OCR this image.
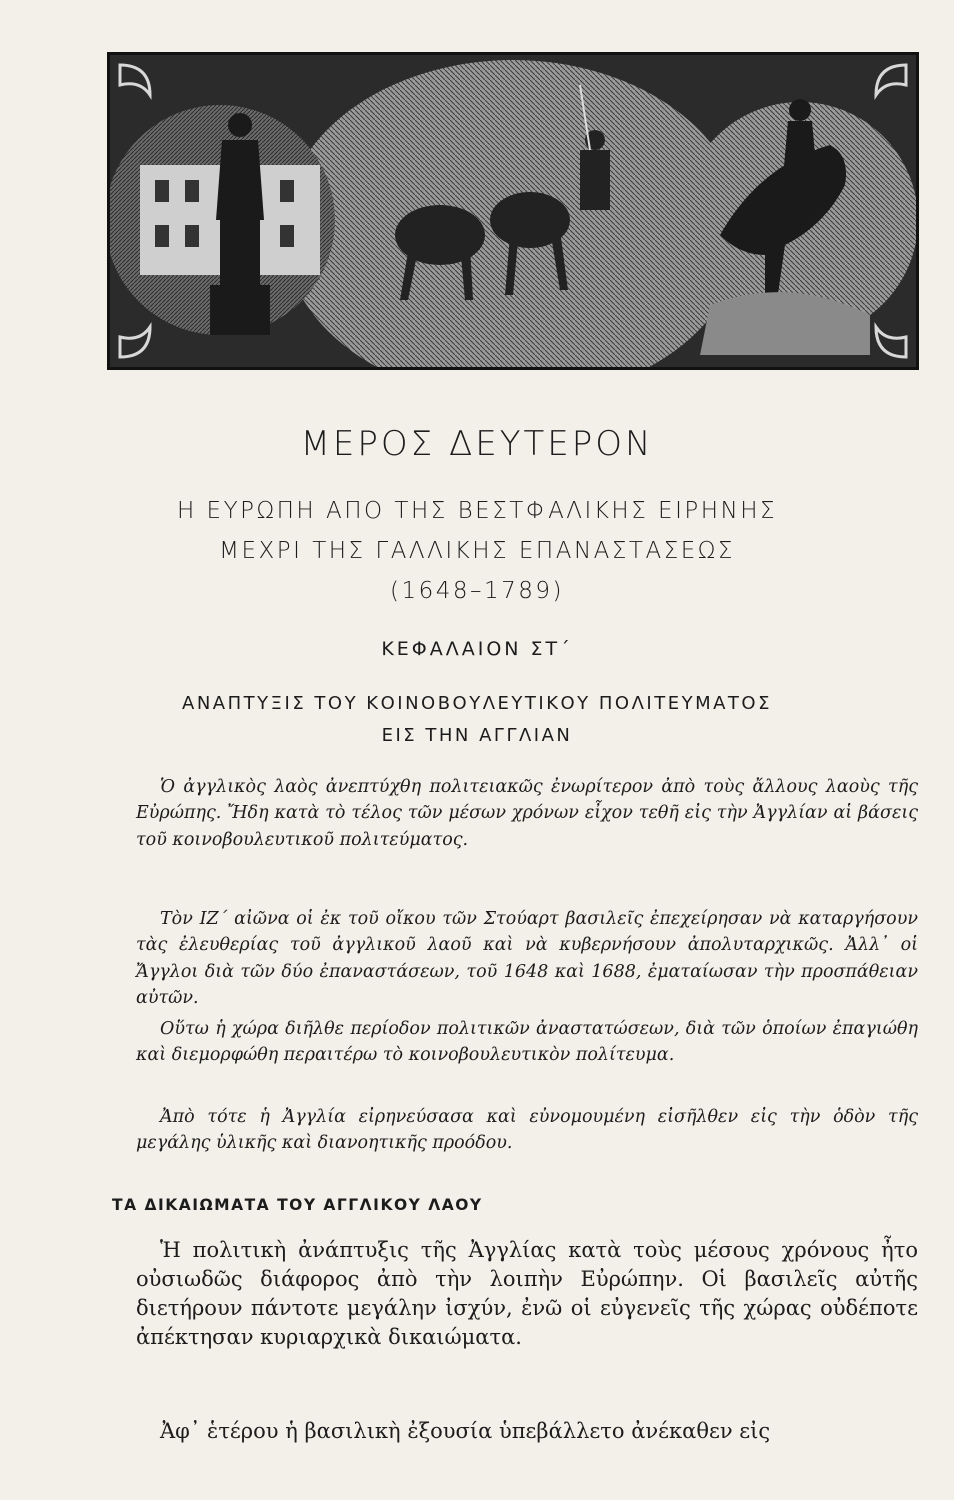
ΜΕΡΟΣ ΔΕΥΤΕΡΟΝ
Η ΕΥΡΩΠΗ ΑΠΟ ΤΗΣ ΒΕΣΤΦΑΛΙΚΗΣ ΕΙΡΗΝΗΣ
ΜΕΧΡΙ ΤΗΣ ΓΑΛΛΙΚΗΣ ΕΠΑΝΑΣΤΑΣΕΩΣ
(1648–1789)
ΚΕΦΑΛΑΙΟΝ ΣΤ΄
ΑΝΑΠΤΥΞΙΣ ΤΟΥ ΚΟΙΝΟΒΟΥΛΕΥΤΙΚΟΥ ΠΟΛΙΤΕΥΜΑΤΟΣ
ΕΙΣ ΤΗΝ ΑΓΓΛΙΑΝ

Ὁ ἀγγλικὸς λαὸς ἀνεπτύχθη πολιτειακῶς ἐνωρίτερον ἀπὸ τοὺς ἄλλους λαοὺς τῆς Εὐρώπης. Ἤδη κατὰ τὸ τέλος τῶν μέσων χρόνων εἶχον τεθῆ εἰς τὴν Ἀγγλίαν αἱ βάσεις τοῦ κοινοβουλευτικοῦ πολιτεύματος.

Τὸν ΙΖ΄ αἰῶνα οἱ ἐκ τοῦ οἴκου τῶν Στούαρτ βασιλεῖς ἐπεχείρησαν νὰ καταργήσουν τὰς ἐλευθερίας τοῦ ἀγγλικοῦ λαοῦ καὶ νὰ κυβερνήσουν ἀπολυταρχικῶς. Ἀλλ᾽ οἱ Ἄγγλοι διὰ τῶν δύο ἐπαναστάσεων, τοῦ 1648 καὶ 1688, ἐματαίωσαν τὴν προσπάθειαν αὐτῶν.

Οὕτω ἡ χώρα διῆλθε περίοδον πολιτικῶν ἀναστατώσεων, διὰ τῶν ὁποίων ἐπαγιώθη καὶ διεμορφώθη περαιτέρω τὸ κοινοβουλευτικὸν πολίτευμα.

Ἀπὸ τότε ἡ Ἀγγλία εἰρηνεύσασα καὶ εὐνομουμένη εἰσῆλθεν εἰς τὴν ὁδὸν τῆς μεγάλης ὑλικῆς καὶ διανοητικῆς προόδου.

ΤΑ ΔΙΚΑΙΩΜΑΤΑ ΤΟΥ ΑΓΓΛΙΚΟΥ ΛΑΟΥ

Ἡ πολιτικὴ ἀνάπτυξις τῆς Ἀγγλίας κατὰ τοὺς μέσους χρόνους ἦτο οὐσιωδῶς διάφορος ἀπὸ τὴν λοιπὴν Εὐρώπην. Οἱ βασιλεῖς αὐτῆς διετήρουν πάντοτε μεγάλην ἰσχύν, ἐνῶ οἱ εὐγενεῖς τῆς χώρας οὐδέποτε ἀπέκτησαν κυριαρχικὰ δικαιώματα.

Ἀφ᾽ ἑτέρου ἡ βασιλικὴ ἐξουσία ὑπεβάλλετο ἀνέκαθεν εἰς
